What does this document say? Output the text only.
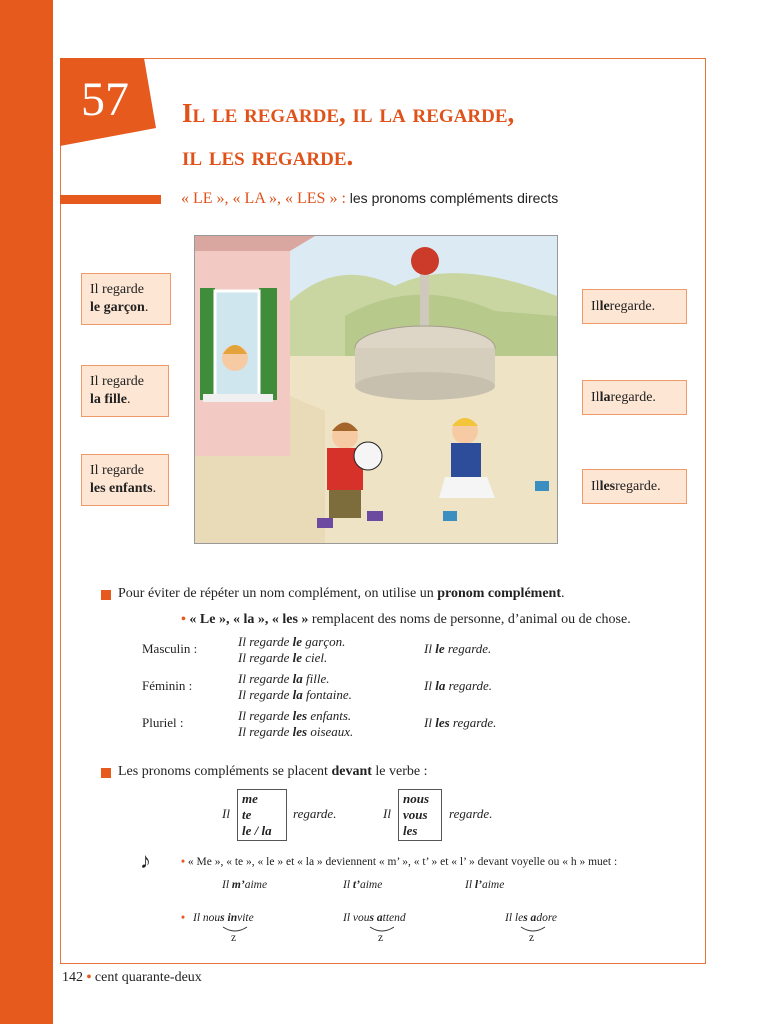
57	Il le regarde, il la regarde,
il les regarde.
« LE », « LA », « LES » : les pronoms compléments directs
Il regarde
le garçon.
Il regarde
la fille.
Il regarde
les enfants.
Il le regarde.
Il la regarde.
Il les regarde.
Pour éviter de répéter un nom complément, on utilise un pronom complément.
• « Le », « la », « les » remplacent des noms de personne, d’animal ou de chose.
Masculin :	Il regarde le garçon.
Il regarde le ciel.
Il le regarde.
Féminin :	Il regarde la fille.
Il regarde la fontaine.
Il la regarde.
Pluriel :	Il regarde les enfants.
Il regarde les oiseaux.
Il les regarde.
Les pronoms compléments se placent devant le verbe :
Il
me
te
le / la
regarde.	Il
nous
vous
les
regarde.
♪	• « Me », « te », « le » et « la » deviennent « m’ », « t’ » et « l’ » devant voyelle ou « h » muet :
Il m’aime	Il t’aime	Il l’aime
• Il nous invite	Il vous attend	Il les adore
z	z	z
142 • cent quarante-deux
